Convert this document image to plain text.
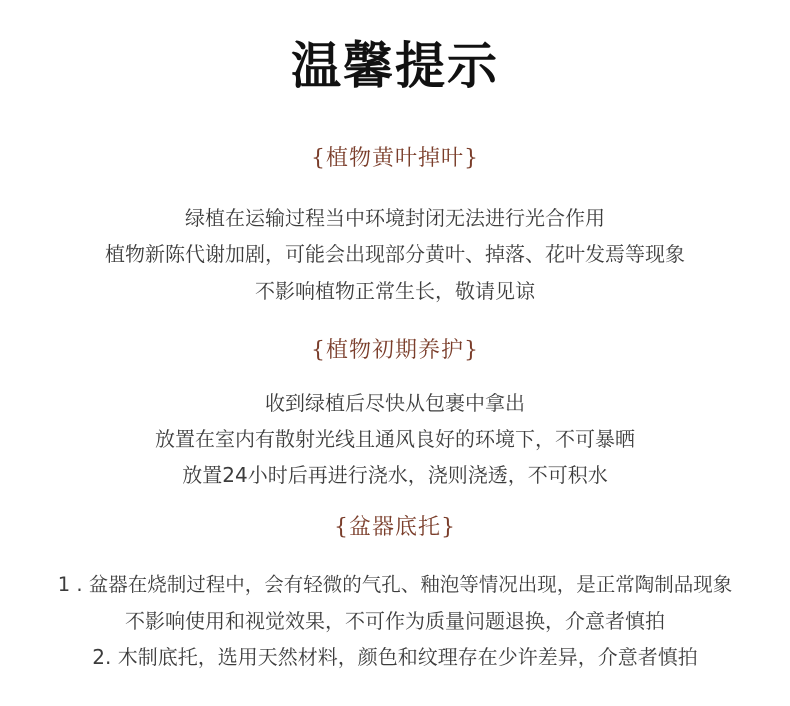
温馨提示
{植物黄叶掉叶}
绿植在运输过程当中环境封闭无法进行光合作用
植物新陈代谢加剧，可能会出现部分黄叶、掉落、花叶发焉等现象
不影响植物正常生长，敬请见谅
{植物初期养护}
收到绿植后尽快从包裹中拿出
放置在室内有散射光线且通风良好的环境下，不可暴晒
放置24小时后再进行浇水，浇则浇透，不可积水
{盆器底托}
1 . 盆器在烧制过程中，会有轻微的气孔、釉泡等情况出现，是正常陶制品现象
不影响使用和视觉效果，不可作为质量问题退换，介意者慎拍
2. 木制底托，选用天然材料，颜色和纹理存在少许差异，介意者慎拍
